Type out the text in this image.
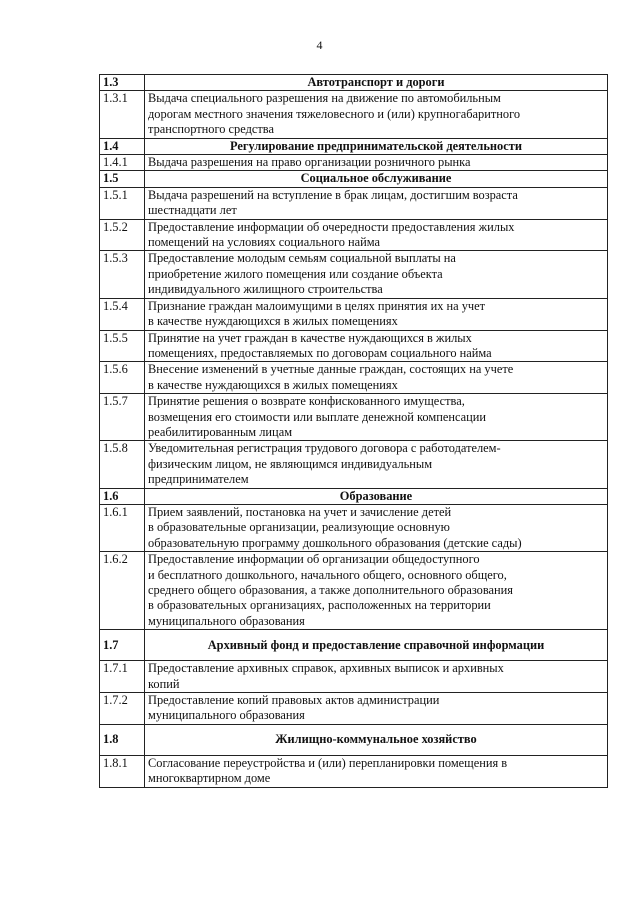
4
1.3	Автотранспорт и дороги
1.3.1	Выдача специального разрешения на движение по автомобильным
дорогам местного значения тяжеловесного и (или) крупногабаритного
транспортного средства

1.4	Регулирование предпринимательской деятельности
1.4.1	Выдача разрешения на право организации розничного рынка

1.5	Социальное обслуживание
1.5.1	Выдача разрешений на вступление в брак лицам, достигшим возраста
шестнадцати лет

1.5.2	Предоставление информации об очередности предоставления жилых
помещений на условиях социального найма

1.5.3	Предоставление молодым семьям социальной выплаты на
приобретение жилого помещения или создание объекта
индивидуального жилищного строительства

1.5.4	Признание граждан малоимущими в целях принятия их на учет
в качестве нуждающихся в жилых помещениях

1.5.5	Принятие на учет граждан в качестве нуждающихся в жилых
помещениях, предоставляемых по договорам социального найма

1.5.6	Внесение изменений в учетные данные граждан, состоящих на учете
в качестве нуждающихся в жилых помещениях

1.5.7	Принятие решения о возврате конфискованного имущества,
возмещения его стоимости или выплате денежной компенсации
реабилитированным лицам

1.5.8	Уведомительная регистрация трудового договора с работодателем-
физическим лицом, не являющимся индивидуальным
предпринимателем

1.6	Образование
1.6.1	Прием заявлений, постановка на учет и зачисление детей
в образовательные организации, реализующие основную
образовательную программу дошкольного образования (детские сады)

1.6.2	Предоставление информации об организации общедоступного
и бесплатного дошкольного, начального общего, основного общего,
среднего общего образования, а также дополнительного образования
в образовательных организациях, расположенных на территории
муниципального образования

1.7	Архивный фонд и предоставление справочной информации
1.7.1	Предоставление архивных справок, архивных выписок и архивных
копий

1.7.2	Предоставление копий правовых актов администрации
муниципального образования

1.8	Жилищно-коммунальное хозяйство
1.8.1	Согласование переустройства и (или) перепланировки помещения в
многоквартирном доме
